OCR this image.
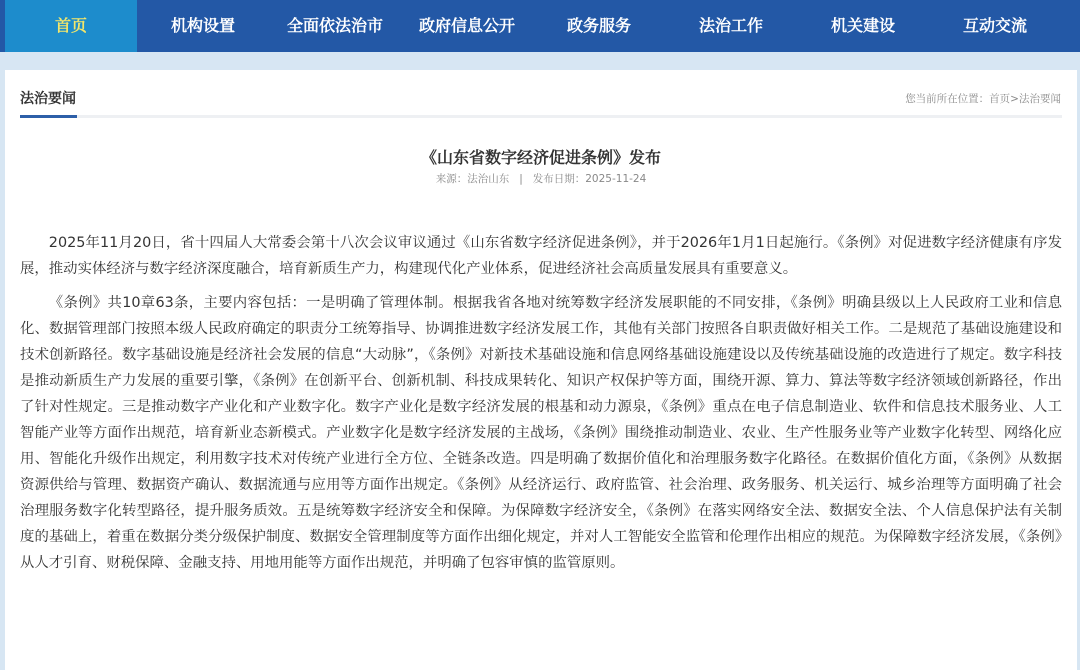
首页	机构设置	全面依法治市	政府信息公开	政务服务	法治工作	机关建设	互动交流
法治要闻	您当前所在位置：首页>法治要闻
《山东省数字经济促进条例》发布
来源：法治山东 | 发布日期：2025-11-24

2025年11月20日，省十四届人大常委会第十八次会议审议通过《山东省数字经济促进条例》，并于2026年1月1日起施行。《条例》对促进数字经济健康有序发展，推动实体经济与数字经济深度融合，培育新质生产力，构建现代化产业体系，促进经济社会高质量发展具有重要意义。

《条例》共10章63条，主要内容包括：一是明确了管理体制。根据我省各地对统筹数字经济发展职能的不同安排，《条例》明确县级以上人民政府工业和信息化、数据管理部门按照本级人民政府确定的职责分工统筹指导、协调推进数字经济发展工作，其他有关部门按照各自职责做好相关工作。二是规范了基础设施建设和技术创新路径。数字基础设施是经济社会发展的信息“大动脉”，《条例》对新技术基础设施和信息网络基础设施建设以及传统基础设施的改造进行了规定。数字科技是推动新质生产力发展的重要引擎，《条例》在创新平台、创新机制、科技成果转化、知识产权保护等方面，围绕开源、算力、算法等数字经济领域创新路径，作出了针对性规定。三是推动数字产业化和产业数字化。数字产业化是数字经济发展的根基和动力源泉，《条例》重点在电子信息制造业、软件和信息技术服务业、人工智能产业等方面作出规范，培育新业态新模式。产业数字化是数字经济发展的主战场，《条例》围绕推动制造业、农业、生产性服务业等产业数字化转型、网络化应用、智能化升级作出规定，利用数字技术对传统产业进行全方位、全链条改造。四是明确了数据价值化和治理服务数字化路径。在数据价值化方面，《条例》从数据资源供给与管理、数据资产确认、数据流通与应用等方面作出规定。《条例》从经济运行、政府监管、社会治理、政务服务、机关运行、城乡治理等方面明确了社会治理服务数字化转型路径，提升服务质效。五是统筹数字经济安全和保障。为保障数字经济安全，《条例》在落实网络安全法、数据安全法、个人信息保护法有关制度的基础上，着重在数据分类分级保护制度、数据安全管理制度等方面作出细化规定，并对人工智能安全监管和伦理作出相应的规范。为保障数字经济发展，《条例》从人才引育、财税保障、金融支持、用地用能等方面作出规范，并明确了包容审慎的监管原则。
